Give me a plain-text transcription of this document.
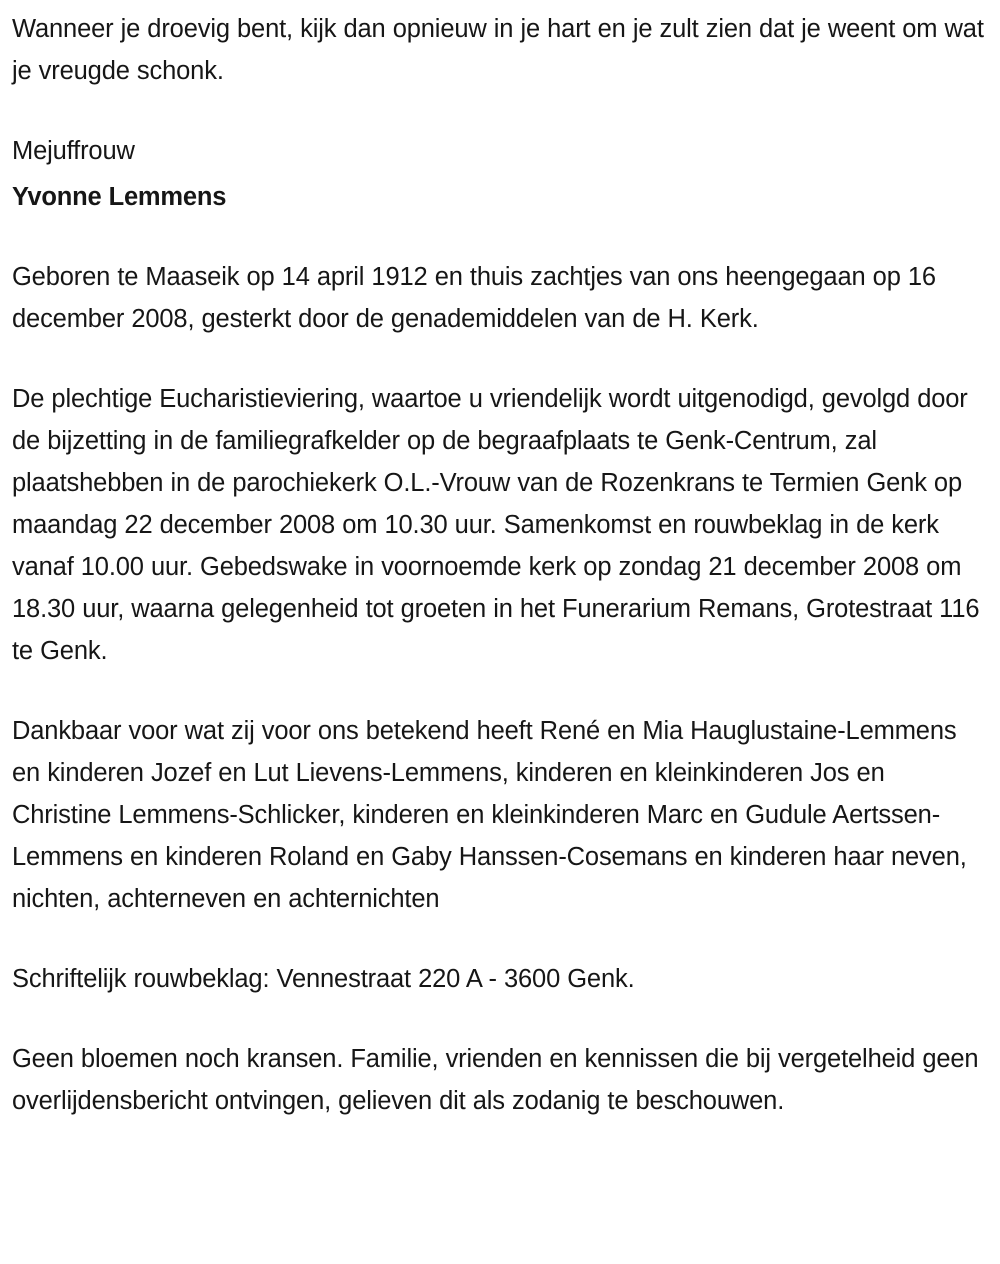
Wanneer je droevig bent, kijk dan opnieuw in je hart en je zult zien dat je weent om wat je vreugde schonk.

Mejuffrouw

Yvonne Lemmens

Geboren te Maaseik op 14 april 1912 en thuis zachtjes van ons heengegaan op 16 december 2008, gesterkt door de genademiddelen van de H. Kerk.

De plechtige Eucharistieviering, waartoe u vriendelijk wordt uitgenodigd, gevolgd door de bijzetting in de familiegrafkelder op de begraafplaats te Genk-Centrum, zal plaatshebben in de parochiekerk O.L.-Vrouw van de Rozenkrans te Termien Genk op maandag 22 december 2008 om 10.30 uur. Samenkomst en rouwbeklag in de kerk vanaf 10.00 uur. Gebedswake in voornoemde kerk op zondag 21 december 2008 om 18.30 uur, waarna gelegenheid tot groeten in het Funerarium Remans, Grotestraat 116 te Genk.

Dankbaar voor wat zij voor ons betekend heeft René en Mia Hauglustaine-Lemmens en kinderen Jozef en Lut Lievens-Lemmens, kinderen en kleinkinderen Jos en Christine Lemmens-Schlicker, kinderen en kleinkinderen Marc en Gudule Aertssen-Lemmens en kinderen Roland en Gaby Hanssen-Cosemans en kinderen haar neven, nichten, achterneven en achternichten

Schriftelijk rouwbeklag: Vennestraat 220 A - 3600 Genk.

Geen bloemen noch kransen. Familie, vrienden en kennissen die bij vergetelheid geen overlijdensbericht ontvingen, gelieven dit als zodanig te beschouwen.
